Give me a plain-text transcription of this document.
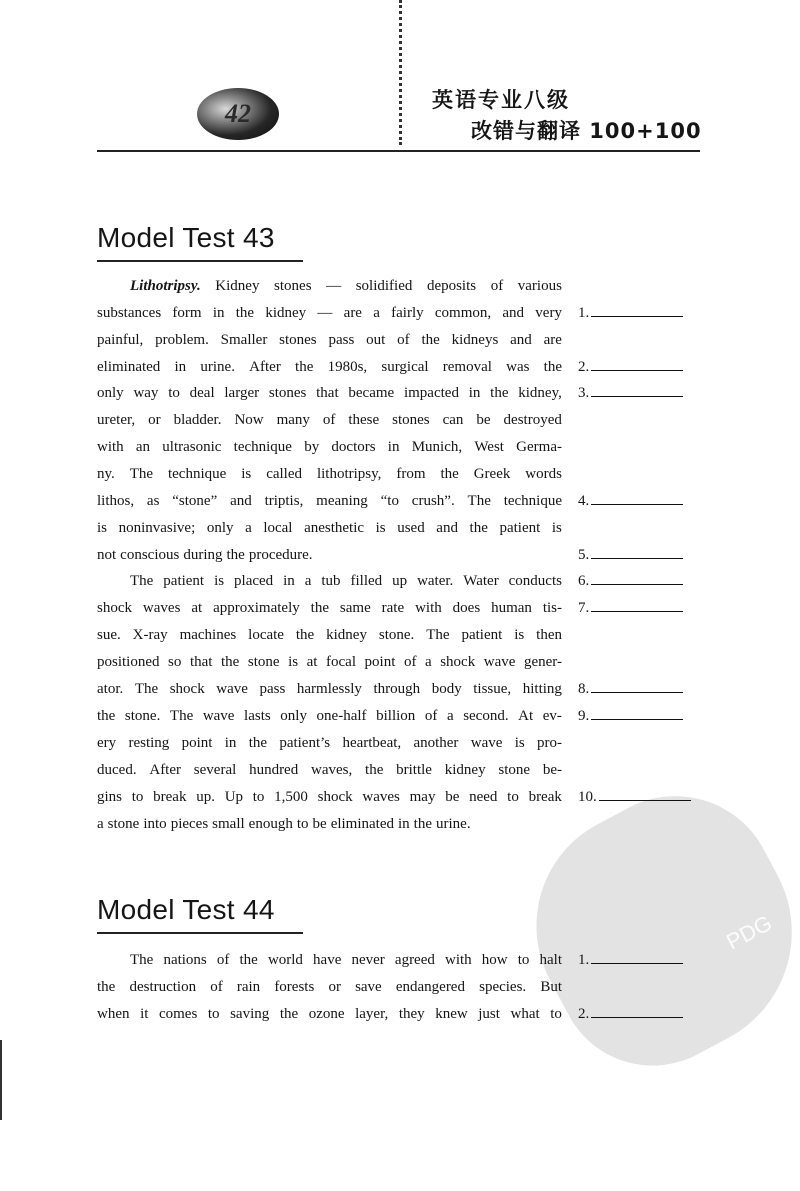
42	英语专业八级
改错与翻译 100+100
PDG
Model Test 43
Lithotripsy. Kidney stones — solidified deposits of various
substances form in the kidney — are a fairly common, and very
painful, problem. Smaller stones pass out of the kidneys and are
eliminated in urine. After the 1980s, surgical removal was the
only way to deal larger stones that became impacted in the kidney,
ureter, or bladder. Now many of these stones can be destroyed
with an ultrasonic technique by doctors in Munich, West Germa-
ny. The technique is called lithotripsy, from the Greek words
lithos, as “stone” and triptis, meaning “to crush”. The technique
is noninvasive; only a local anesthetic is used and the patient is
not conscious during the procedure.
The patient is placed in a tub filled up water. Water conducts
shock waves at approximately the same rate with does human tis-
sue. X-ray machines locate the kidney stone. The patient is then
positioned so that the stone is at focal point of a shock wave gener-
ator. The shock wave pass harmlessly through body tissue, hitting
the stone. The wave lasts only one-half billion of a second. At ev-
ery resting point in the patient’s heartbeat, another wave is pro-
duced. After several hundred waves, the brittle kidney stone be-
gins to break up. Up to 1,500 shock waves may be need to break
a stone into pieces small enough to be eliminated in the urine.
1.
2.
3.
4.
5.
6.
7.
8.
9.
10.
Model Test 44
The nations of the world have never agreed with how to halt
the destruction of rain forests or save endangered species. But
when it comes to saving the ozone layer, they knew just what to
1.
2.
